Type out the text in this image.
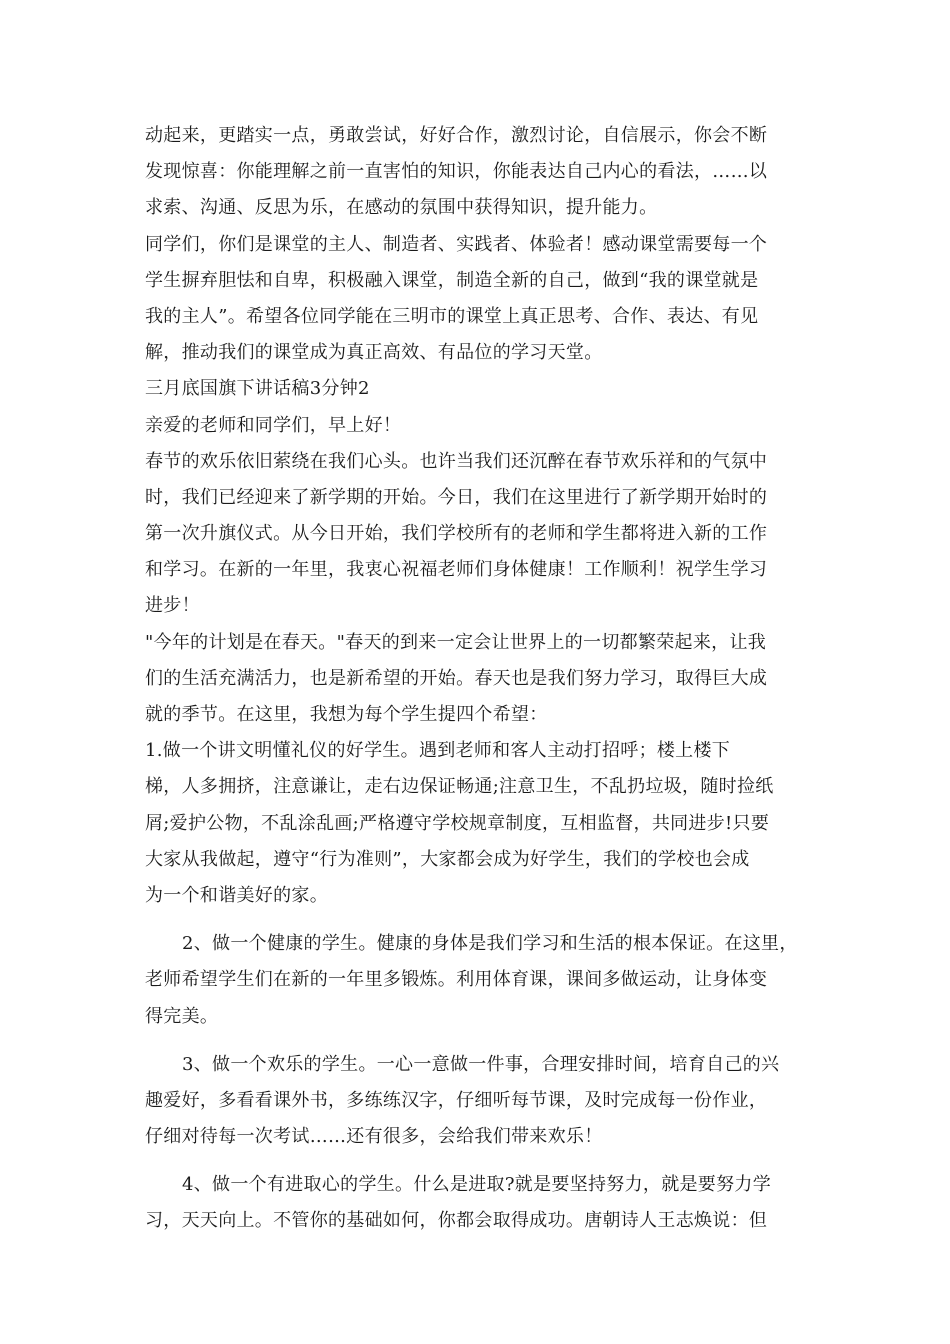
动起来，更踏实一点，勇敢尝试，好好合作，激烈讨论，自信展示，你会不断
发现惊喜：你能理解之前一直害怕的知识，你能表达自己内心的看法，……以
求索、沟通、反思为乐，在感动的氛围中获得知识，提升能力。
同学们，你们是课堂的主人、制造者、实践者、体验者！感动课堂需要每一个
学生摒弃胆怯和自卑，积极融入课堂，制造全新的自己，做到“我的课堂就是
我的主人”。希望各位同学能在三明市的课堂上真正思考、合作、表达、有见
解，推动我们的课堂成为真正高效、有品位的学习天堂。
三月底国旗下讲话稿3分钟2
亲爱的老师和同学们，早上好！
春节的欢乐依旧萦绕在我们心头。也许当我们还沉醉在春节欢乐祥和的气氛中
时，我们已经迎来了新学期的开始。今日，我们在这里进行了新学期开始时的
第一次升旗仪式。从今日开始，我们学校所有的老师和学生都将进入新的工作
和学习。在新的一年里，我衷心祝福老师们身体健康！工作顺利！祝学生学习
进步！
"今年的计划是在春天。"春天的到来一定会让世界上的一切都繁荣起来，让我
们的生活充满活力，也是新希望的开始。春天也是我们努力学习，取得巨大成
就的季节。在这里，我想为每个学生提四个希望：
1.做一个讲文明懂礼仪的好学生。遇到老师和客人主动打招呼；楼上楼下
梯，人多拥挤，注意谦让，走右边保证畅通;注意卫生，不乱扔垃圾，随时捡纸
屑;爱护公物，不乱涂乱画;严格遵守学校规章制度，互相监督，共同进步!只要
大家从我做起，遵守“行为准则”，大家都会成为好学生，我们的学校也会成
为一个和谐美好的家。
2、做一个健康的学生。健康的身体是我们学习和生活的根本保证。在这里，
老师希望学生们在新的一年里多锻炼。利用体育课，课间多做运动，让身体变
得完美。
3、做一个欢乐的学生。一心一意做一件事，合理安排时间，培育自己的兴
趣爱好，多看看课外书，多练练汉字，仔细听每节课，及时完成每一份作业，
仔细对待每一次考试……还有很多，会给我们带来欢乐！
4、做一个有进取心的学生。什么是进取?就是要坚持努力，就是要努力学
习，天天向上。不管你的基础如何，你都会取得成功。唐朝诗人王志焕说：但
